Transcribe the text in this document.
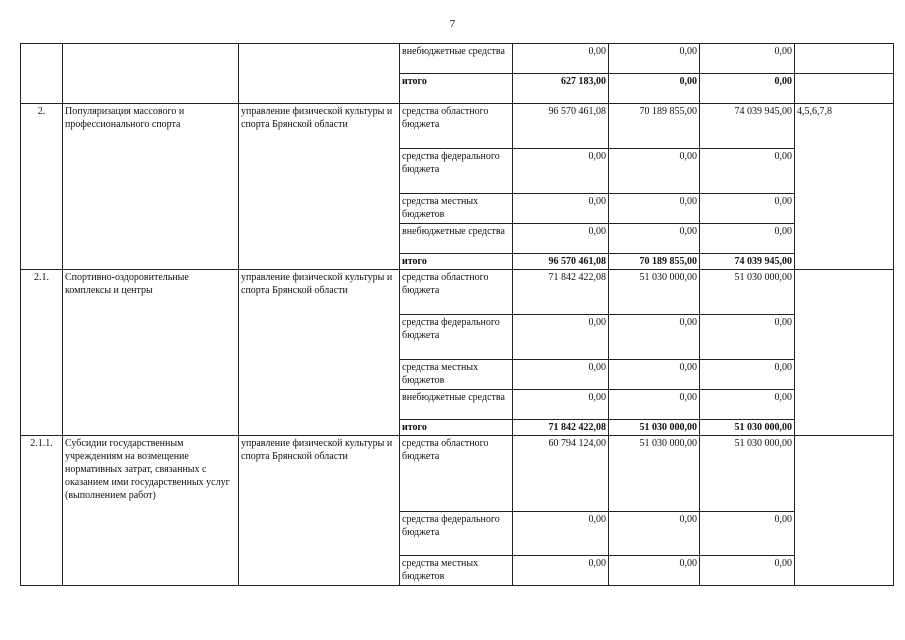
7
			внебюджетные средства	0,00	0,00	0,00	
			итого	627 183,00	0,00	0,00	
2.	Популяризация массового и профессионального спорта	управление физической культуры и спорта Брянской области	средства областного бюджета	96 570 461,08	70 189 855,00	74 039 945,00	4,5,6,7,8
			средства федерального бюджета	0,00	0,00	0,00	
			средства местных бюджетов	0,00	0,00	0,00	
			внебюджетные средства	0,00	0,00	0,00	
			итого	96 570 461,08	70 189 855,00	74 039 945,00	
2.1.	Спортивно-оздоровительные комплексы и центры	управление физической культуры и спорта Брянской области	средства областного бюджета	71 842 422,08	51 030 000,00	51 030 000,00	
			средства федерального бюджета	0,00	0,00	0,00	
			средства местных бюджетов	0,00	0,00	0,00	
			внебюджетные средства	0,00	0,00	0,00	
			итого	71 842 422,08	51 030 000,00	51 030 000,00	
2.1.1.	Субсидии государственным учреждениям на возмещение нормативных затрат, связанных с оказанием ими государственных услуг (выполнением работ)	управление физической культуры и спорта Брянской области	средства областного бюджета	60 794 124,00	51 030 000,00	51 030 000,00	
			средства федерального бюджета	0,00	0,00	0,00	
			средства местных бюджетов	0,00	0,00	0,00	
